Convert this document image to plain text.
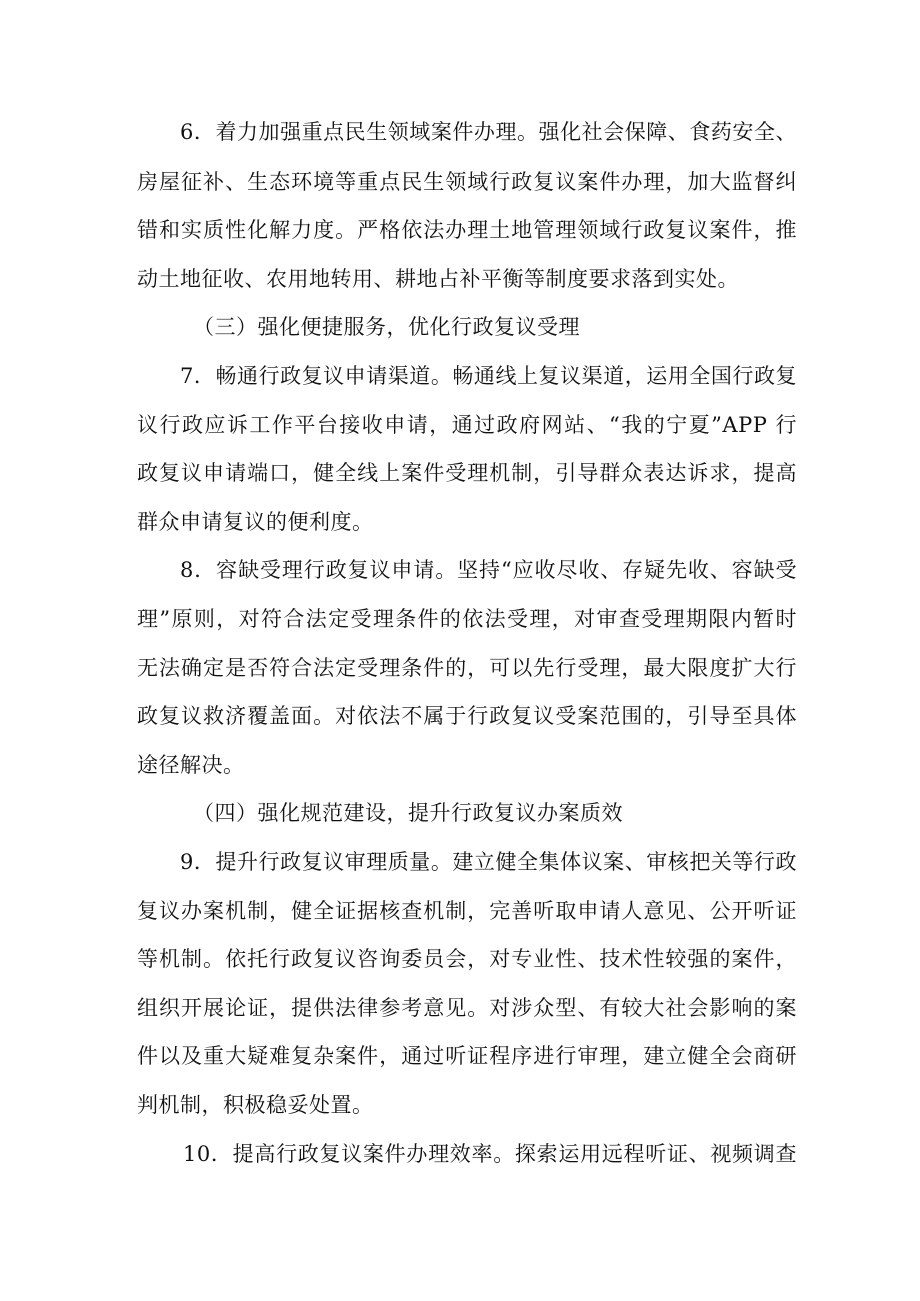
6．着力加强重点民生领域案件办理。强化社会保障、食药安全、
房屋征补、生态环境等重点民生领域行政复议案件办理，加大监督纠
错和实质性化解力度。严格依法办理土地管理领域行政复议案件，推
动土地征收、农用地转用、耕地占补平衡等制度要求落到实处。
（三）强化便捷服务，优化行政复议受理
7．畅通行政复议申请渠道。畅通线上复议渠道，运用全国行政复
议行政应诉工作平台接收申请，通过政府网站、“我的宁夏”APP 行
政复议申请端口，健全线上案件受理机制，引导群众表达诉求，提高
群众申请复议的便利度。
8．容缺受理行政复议申请。坚持“应收尽收、存疑先收、容缺受
理”原则，对符合法定受理条件的依法受理，对审查受理期限内暂时
无法确定是否符合法定受理条件的，可以先行受理，最大限度扩大行
政复议救济覆盖面。对依法不属于行政复议受案范围的，引导至具体
途径解决。
（四）强化规范建设，提升行政复议办案质效
9．提升行政复议审理质量。建立健全集体议案、审核把关等行政
复议办案机制，健全证据核查机制，完善听取申请人意见、公开听证
等机制。依托行政复议咨询委员会，对专业性、技术性较强的案件，
组织开展论证，提供法律参考意见。对涉众型、有较大社会影响的案
件以及重大疑难复杂案件，通过听证程序进行审理，建立健全会商研
判机制，积极稳妥处置。
10．提高行政复议案件办理效率。探索运用远程听证、视频调查
